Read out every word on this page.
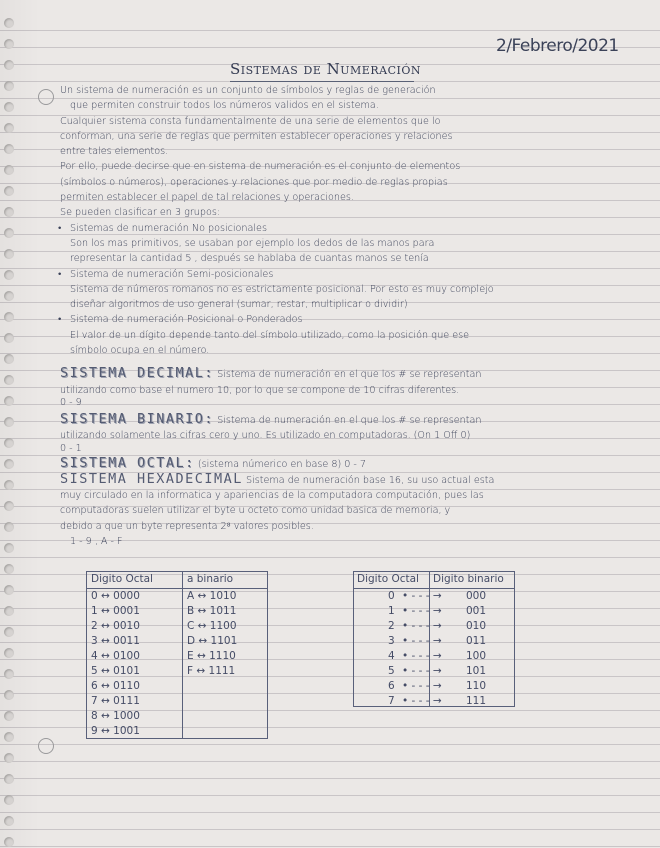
2/Febrero/2021
Sistemas de Numeración

Un sistema de numeración es un conjunto de símbolos y reglas de generación

que permiten construir todos los números validos en el sistema.

Cualquier sistema consta fundamentalmente de una serie de elementos que lo

conforman, una serie de reglas que permiten establecer operaciones y relaciones

entre tales elementos.

Por ello, puede decirse que en sistema de numeración es el conjunto de elementos

(símbolos o números), operaciones y relaciones que por medio de reglas propias

permiten establecer el papel de tal relaciones y operaciones.

Se pueden clasificar en 3 grupos:

• Sistemas de numeración No posicionales

Son los mas primitivos, se usaban por ejemplo los dedos de las manos para

representar la cantidad 5 , después se hablaba de cuantas manos se tenía

• Sistema de numeración Semi-posicionales

Sistema de números romanos no es estrictamente posicional. Por esto es muy complejo

diseñar algoritmos de uso general (sumar, restar, multiplicar o dividir)

• Sistema de numeración Posicional o Ponderados

El valor de un dígito depende tanto del símbolo utilizado, como la posición que ese

símbolo ocupa en el número.

SISTEMA DECIMAL: Sistema de numeración en el que los # se representan

utilizando como base el numero 10, por lo que se compone de 10 cifras diferentes.

0 - 9

SISTEMA BINARIO: Sistema de numeración en el que los # se representan

utilizando solamente las cifras cero y uno. Es utilizado en computadoras. (On 1 Off 0)

0 - 1

SISTEMA OCTAL: (sistema númerico en base 8) 0 - 7

SISTEMA HEXADECIMAL Sistema de numeración base 16, su uso actual esta

muy circulado en la informatica y apariencias de la computadora computación, pues las

computadoras suelen utilizar el byte u octeto como unidad basica de memoria, y

debido a que un byte representa 2⁸ valores posibles.

1 - 9 , A - F

Digito Octal	a binario
0 ↔ 0000
1 ↔ 0001
2 ↔ 0010
3 ↔ 0011
4 ↔ 0100
5 ↔ 0101
6 ↔ 0110
7 ↔ 0111
8 ↔ 1000
9 ↔ 1001
A ↔ 1010
B ↔ 1011
C ↔ 1100
D ↔ 1101
E ↔ 1110
F ↔ 1111
Digito Octal Digito binario
0 • - - - → 000
1 • - - - → 001
2 • - - - → 010
3 • - - - → 011
4 • - - - → 100
5 • - - - → 101
6 • - - - → 110
7 • - - - → 111
